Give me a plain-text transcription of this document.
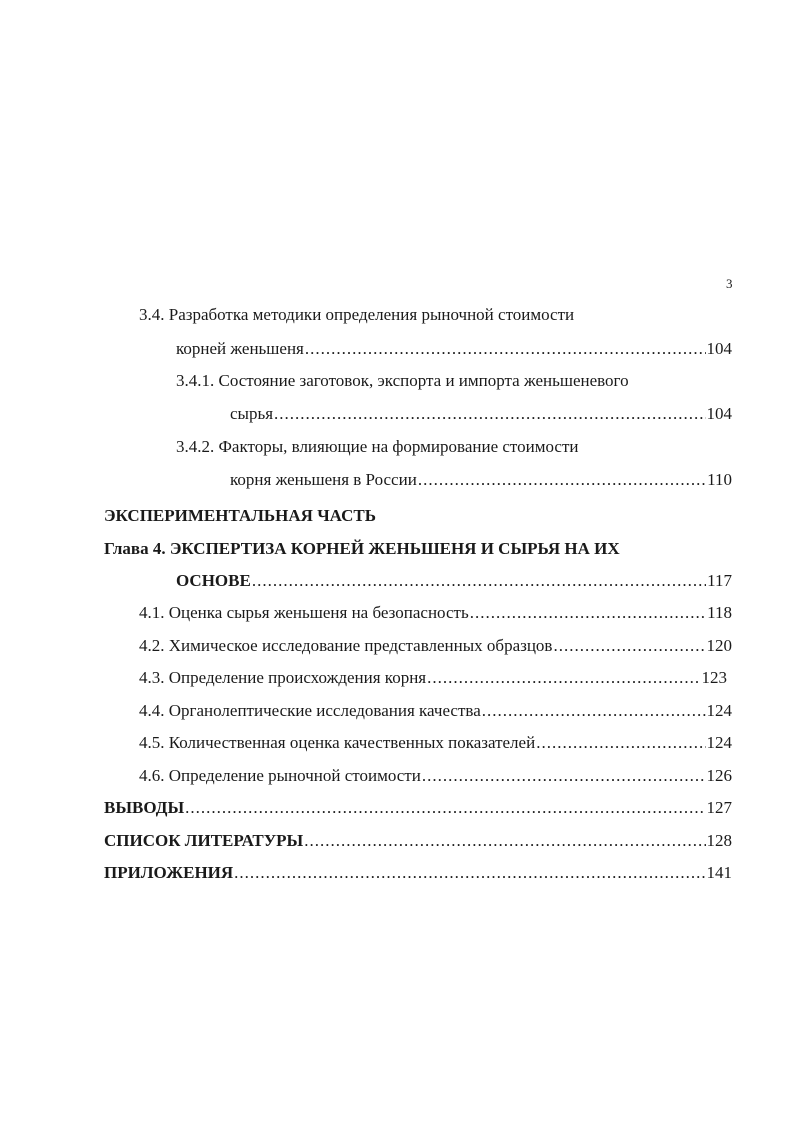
3
3.4. Разработка методики определения рыночной стоимости
корней женьшеня .....	104
3.4.1. Состояние заготовок, экспорта и импорта женьшеневого
сырья .....	104
3.4.2. Факторы, влияющие на формирование стоимости
корня женьшеня в России .....	110
ЭКСПЕРИМЕНТАЛЬНАЯ ЧАСТЬ
Глава 4. ЭКСПЕРТИЗА КОРНЕЙ ЖЕНЬШЕНЯ И СЫРЬЯ НА ИХ
ОСНОВЕ .....	117
4.1. Оценка сырья женьшеня на безопасность .....	118
4.2. Химическое исследование представленных образцов .....	120
4.3. Определение происхождения корня .....	123
4.4. Органолептические исследования качества .....	124
4.5. Количественная оценка качественных показателей .....	124
4.6. Определение рыночной стоимости .....	126
ВЫВОДЫ .....	127
СПИСОК ЛИТЕРАТУРЫ .....	128
ПРИЛОЖЕНИЯ .....	141
